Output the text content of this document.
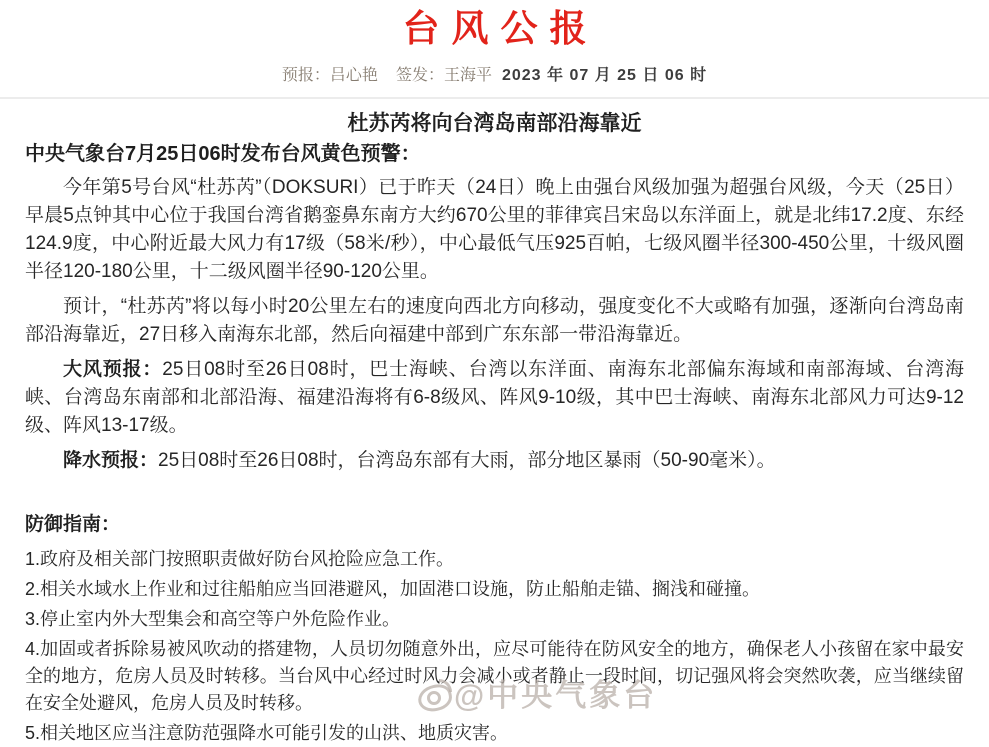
台风公报
预报：吕心艳 签发：王海平 2023 年 07 月 25 日 06 时
杜苏芮将向台湾岛南部沿海靠近
中央气象台7月25日06时发布台风黄色预警：

今年第5号台风“杜苏芮”（DOKSURI）已于昨天（24日）晚上由强台风级加强为超强台风级，今天（25日）早晨5点钟其中心位于我国台湾省鹅銮鼻东南方大约670公里的菲律宾吕宋岛以东洋面上，就是北纬17.2度、东经124.9度，中心附近最大风力有17级（58米/秒），中心最低气压925百帕，七级风圈半径300-450公里，十级风圈半径120-180公里，十二级风圈半径90-120公里。

预计，“杜苏芮”将以每小时20公里左右的速度向西北方向移动，强度变化不大或略有加强，逐渐向台湾岛南部沿海靠近，27日移入南海东北部，然后向福建中部到广东东部一带沿海靠近。

大风预报：25日08时至26日08时，巴士海峡、台湾以东洋面、南海东北部偏东海域和南部海域、台湾海峡、台湾岛东南部和北部沿海、福建沿海将有6-8级风、阵风9-10级，其中巴士海峡、南海东北部风力可达9-12级、阵风13-17级。

降水预报：25日08时至26日08时，台湾岛东部有大雨，部分地区暴雨（50-90毫米）。

防御指南：
1.政府及相关部门按照职责做好防台风抢险应急工作。
2.相关水域水上作业和过往船舶应当回港避风，加固港口设施，防止船舶走锚、搁浅和碰撞。
3.停止室内外大型集会和高空等户外危险作业。
4.加固或者拆除易被风吹动的搭建物，人员切勿随意外出，应尽可能待在防风安全的地方，确保老人小孩留在家中最安全的地方，危房人员及时转移。当台风中心经过时风力会减小或者静止一段时间，切记强风将会突然吹袭，应当继续留在安全处避风，危房人员及时转移。
5.相关地区应当注意防范强降水可能引发的山洪、地质灾害。
@中央气象台
